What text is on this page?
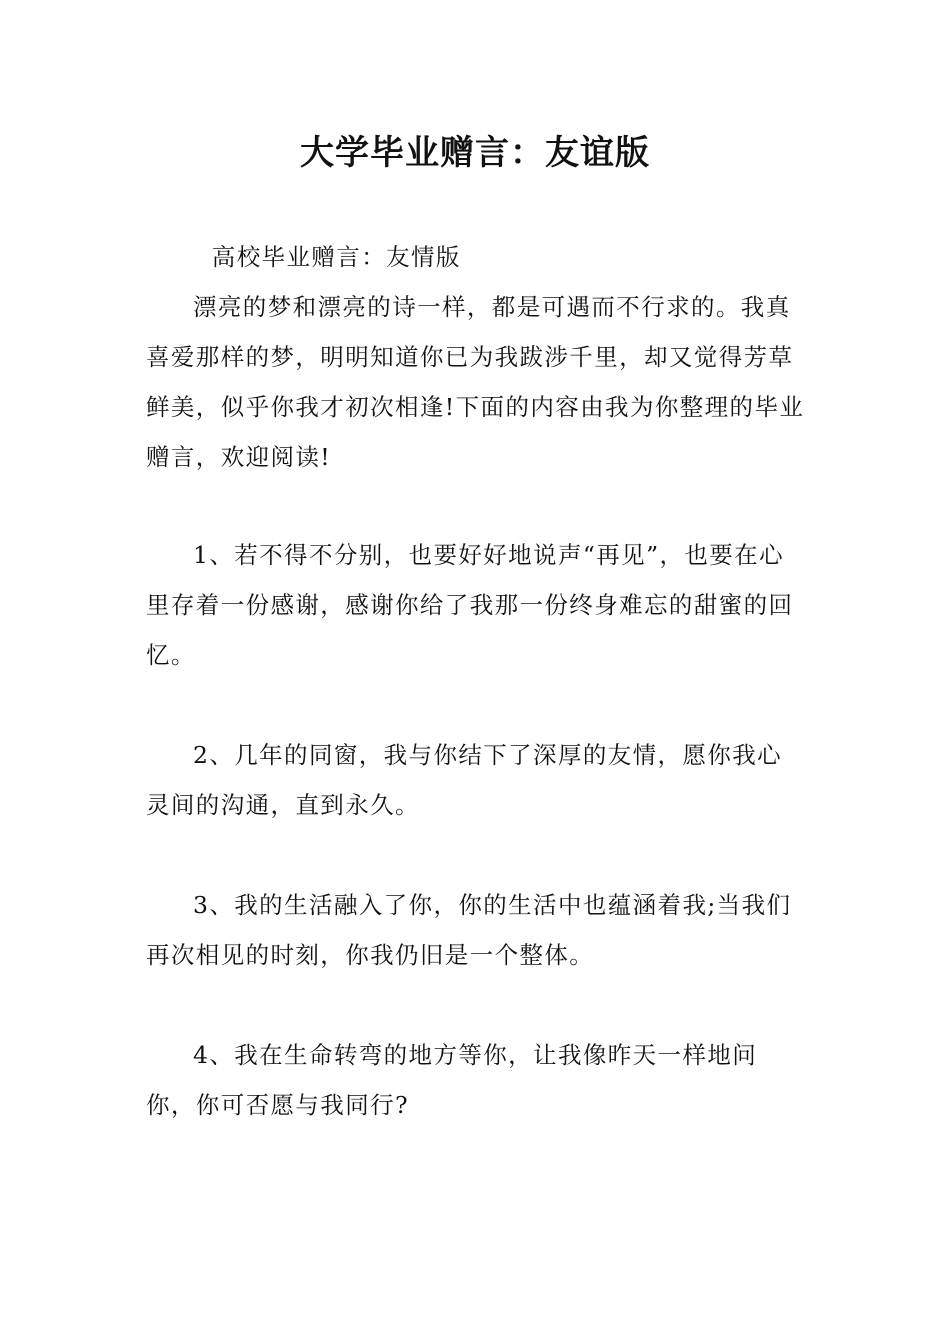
大学毕业赠言：友谊版

高校毕业赠言：友情版

漂亮的梦和漂亮的诗一样，都是可遇而不行求的。我真喜爱那样的梦，明明知道你已为我跋涉千里，却又觉得芳草鲜美，似乎你我才初次相逢!下面的内容由我为你整理的毕业赠言，欢迎阅读!

1、若不得不分别，也要好好地说声“再见”，也要在心里存着一份感谢，感谢你给了我那一份终身难忘的甜蜜的回忆。

2、几年的同窗，我与你结下了深厚的友情，愿你我心灵间的沟通，直到永久。

3、我的生活融入了你，你的生活中也蕴涵着我;当我们再次相见的时刻，你我仍旧是一个整体。

4、我在生命转弯的地方等你，让我像昨天一样地问你，你可否愿与我同行?
